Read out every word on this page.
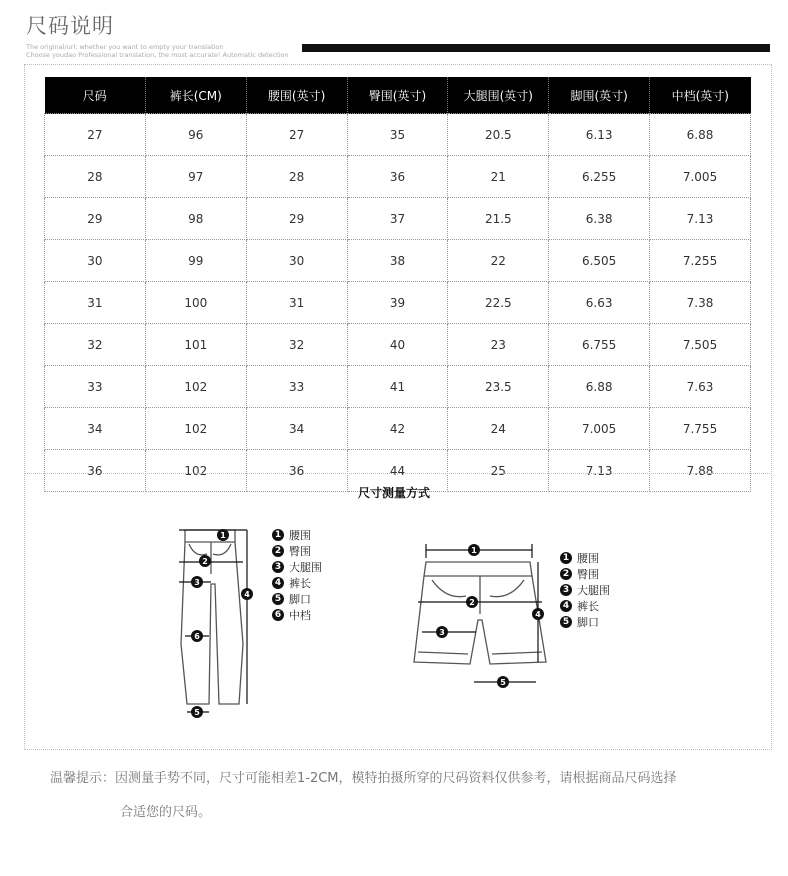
尺码说明
The original/url: whether you want to empty your translation
Choose youdao Professional translation, the most accurate! Automatic detection
尺码	裤长(CM)	腰围(英寸)	臀围(英寸)	大腿围(英寸)	脚围(英寸)	中档(英寸)
27	96	27	35	20.5	6.13	6.88
28	97	28	36	21	6.255	7.005
29	98	29	37	21.5	6.38	7.13
30	99	30	38	22	6.505	7.255
31	100	31	39	22.5	6.63	7.38
32	101	32	40	23	6.755	7.505
33	102	33	41	23.5	6.88	7.63
34	102	34	42	24	7.005	7.755
36	102	36	44	25	7.13	7.88
尺寸测量方式
1
2
3
4
5
6
1 腰围
2 臀围
3 大腿围
4 裤长
5 脚口
6 中档
1
2
3
4
5
1 腰围
2 臀围
3 大腿围
4 裤长
5 脚口
温馨提示：因测量手势不同，尺寸可能相差1-2CM，模特拍摄所穿的尺码资料仅供参考，请根据商品尺码选择
合适您的尺码。
